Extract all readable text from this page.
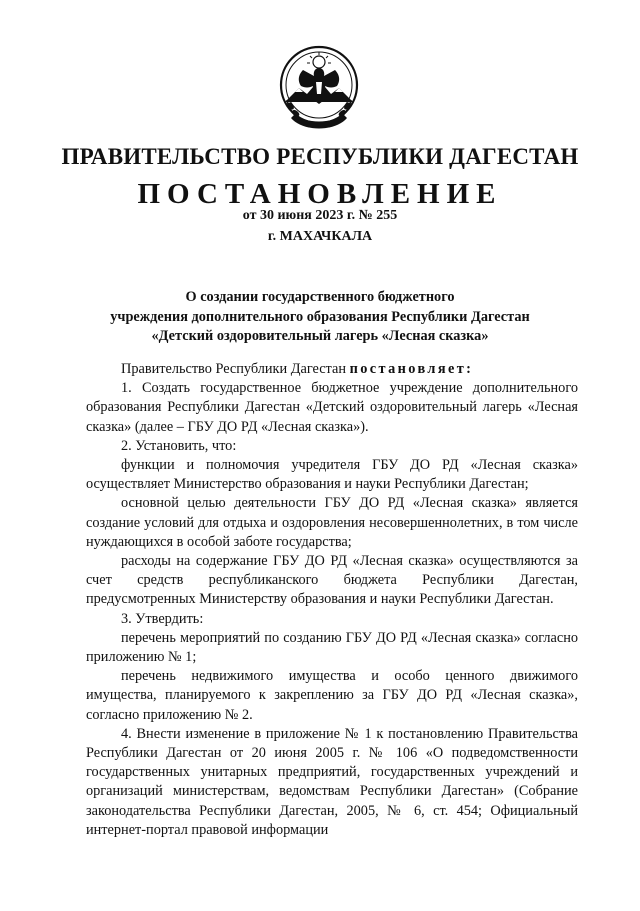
ПРАВИТЕЛЬСТВО РЕСПУБЛИКИ ДАГЕСТАН
ПОСТАНОВЛЕНИЕ
от 30 июня 2023 г. № 255
г. МАХАЧКАЛА
О создании государственного бюджетного
учреждения дополнительного образования Республики Дагестан
«Детский оздоровительный лагерь «Лесная сказка»

Правительство Республики Дагестан постановляет:

1. Создать государственное бюджетное учреждение дополнительного образования Республики Дагестан «Детский оздоровительный лагерь «Лесная сказка» (далее – ГБУ ДО РД «Лесная сказка»).

2. Установить, что:

функции и полномочия учредителя ГБУ ДО РД «Лесная сказка» осуществляет Министерство образования и науки Республики Дагестан;

основной целью деятельности ГБУ ДО РД «Лесная сказка» является создание условий для отдыха и оздоровления несовершеннолетних, в том числе нуждающихся в особой заботе государства;

расходы на содержание ГБУ ДО РД «Лесная сказка» осуществляются за счет средств республиканского бюджета Республики Дагестан, предусмотренных Министерству образования и науки Республики Дагестан.

3. Утвердить:

перечень мероприятий по созданию ГБУ ДО РД «Лесная сказка» согласно приложению № 1;

перечень недвижимого имущества и особо ценного движимого имущества, планируемого к закреплению за ГБУ ДО РД «Лесная сказка», согласно приложению № 2.

4. Внести изменение в приложение № 1 к постановлению Правительства Республики Дагестан от 20 июня 2005 г. № 106 «О подведомственности государственных унитарных предприятий, государственных учреждений и организаций министерствам, ведомствам Республики Дагестан» (Собрание законодательства Республики Дагестан, 2005, № 6, ст. 454; Официальный интернет-портал правовой информации
